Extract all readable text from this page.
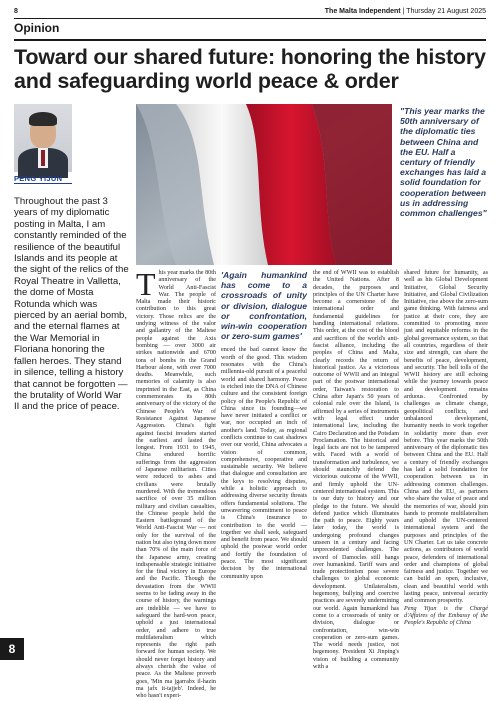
8	The Malta Independent | Thursday 21 August 2025
Opinion
Toward our shared future: honoring the history and safeguarding world peace & order
PENG YIJUN
Throughout the past 3 years of my diplomatic posting in Malta, I am constantly reminded of the resilience of the beautiful Islands and its people at the sight of the relics of the Royal Theatre in Valletta, the dome of Mosta Rotunda which was pierced by an aerial bomb, and the eternal flames at the War Memorial in Floriana honoring the fallen heroes. They stand in silence, telling a history that cannot be forgotten — the brutality of World War II and the price of peace.
"This year marks the 50th anniversary of the diplomatic ties between China and the EU. Half a century of friendly exchanges has laid a solid foundation for cooperation between us in addressing common challenges"

This year marks the 80th anniversary of the World Anti-Fascist War. The people of Malta made their historic contribution to this great victory. Those relics are the undying witness of the valor and gallantry of the Maltese people against the Axis bombing — over 3000 air strikes nationwide and 6700 tons of bombs in the Grand Harbour alone, with over 7000 deaths. Meanwhile, such memories of calamity is also imprinted in the East, as China commemorates its 80th anniversary of the victory of the Chinese People's War of Resistance Against Japanese Aggression. China's fight against fascist invaders started the earliest and lasted the longest. From 1931 to 1945, China endured horrific sufferings from the aggression of Japanese militarism. Cities were reduced to ashes and civilians were brutally murdered. With the tremendous sacrifice of over 35 million military and civilian casualties, the Chinese people held the Eastern battleground of the World Anti-Fascist War — not only for the survival of the nation but also tying down more than 70% of the main force of the Japanese army, creating indispensable strategic initiative for the final victory in Europe and the Pacific. Though the devastation from the WWII seems to be fading away in the course of history, the warnings are indelible — we have to safeguard the hard-won peace, uphold a just international order, and adhere to true multilateralism which represents the right path forward for human society. We should never forget history and always cherish the value of peace. As the Maltese proverb goes, 'Min ma jgarrabx il-hazin ma jafx it-tajjeb'. Indeed, he who hasn't experi-

'Again humankind has come to a crossroads of unity or division, dialogue or confrontation, win-win cooperation or zero-sum games'

enced the bad cannot know the worth of the good. This wisdom resonates with the China's millennia-old pursuit of a peaceful world and shared harmony. Peace is etched into the DNA of Chinese culture and the consistent foreign policy of the People's Republic of China since its founding—we have never initiated a conflict or war, nor occupied an inch of another's land. Today, as regional conflicts continue to cast shadows over our world, China advocates a vision of common, comprehensive, cooperative and sustainable security. We believe that dialogue and consultation are the keys to resolving disputes, while a holistic approach to addressing diverse security threats offers fundamental solutions. The unwavering commitment to peace is China's insurance to contribution to the world — together we shall seek, safeguard and benefit from peace. We should uphold the postwar world order and fortify the foundation of peace. The most significant decision by the international community upon

the end of WWII was to establish the United Nations. After 8 decades, the purposes and principles of the UN Charter have become a cornerstone of the international order and fundamental guidelines for handling international relations. This order, at the cost of the blood and sacrifices of the world's anti-fascist alliance, including the peoples of China and Malta, clearly records the return of historical justice. As a victorious outcome of WWII and an integral part of the postwar international order, Taiwan's restoration to China after Japan's 50 years of colonial rule over the Island, is affirmed by a series of instruments with legal effect under international law, including the Cairo Declaration and the Potsdam Proclamation. The historical and legal facts are not to be tampered with. Faced with a world of transformation and turbulence, we should staunchly defend the victorious outcome of the WWII, and firmly uphold the UN-centered international system. This is our duty to history and our pledge to the future. We should defend justice which illuminates the path to peace. Eighty years later today, the world is undergoing profound changes unseen in a century and facing unprecedented challenges. The sword of Damocles still hangs over humankind. Tariff wars and trade protectionism pose severe challenges to global economic development. Unilateralism, hegemony, bullying and coercive practices are severely undermining our world. Again humankind has come to a crossroads of unity or division, dialogue or confrontation, win-win cooperation or zero-sum games. The world needs justice, not hegemony. President Xi Jinping's vision of building a community with a

shared future for humanity, as well as his Global Development Initiative, Global Security Initiative, and Global Civilization Initiative, rise above the zero-sum game thinking. With fairness and justice at their core, they are committed to promoting more just and equitable reforms in the global governance system, so that all countries, regardless of their size and strength, can share the benefits of peace, development, and security. The bell tolls of the WWII history are still echoing while the journey towards peace and development remains arduous. Confronted by challenges as climate change, geopolitical conflicts, and unbalanced development, humanity needs to work together in solidarity more than ever before. This year marks the 50th anniversary of the diplomatic ties between China and the EU. Half a century of friendly exchanges has laid a solid foundation for cooperation between us in addressing common challenges. China and the EU, as partners who share the value of peace and the memories of war, should join hands to promote multilateralism and uphold the UN-centered international system and the purposes and principles of the UN Charter. Let us take concrete actions, as contributors of world peace, defenders of international order and champions of global fairness and justice. Together we can build an open, inclusive, clean and beautiful world with lasting peace, universal security and common prosperity.

Peng Yijun is the Chargé d'Affaires of the Embassy of the People's Republic of China

8
